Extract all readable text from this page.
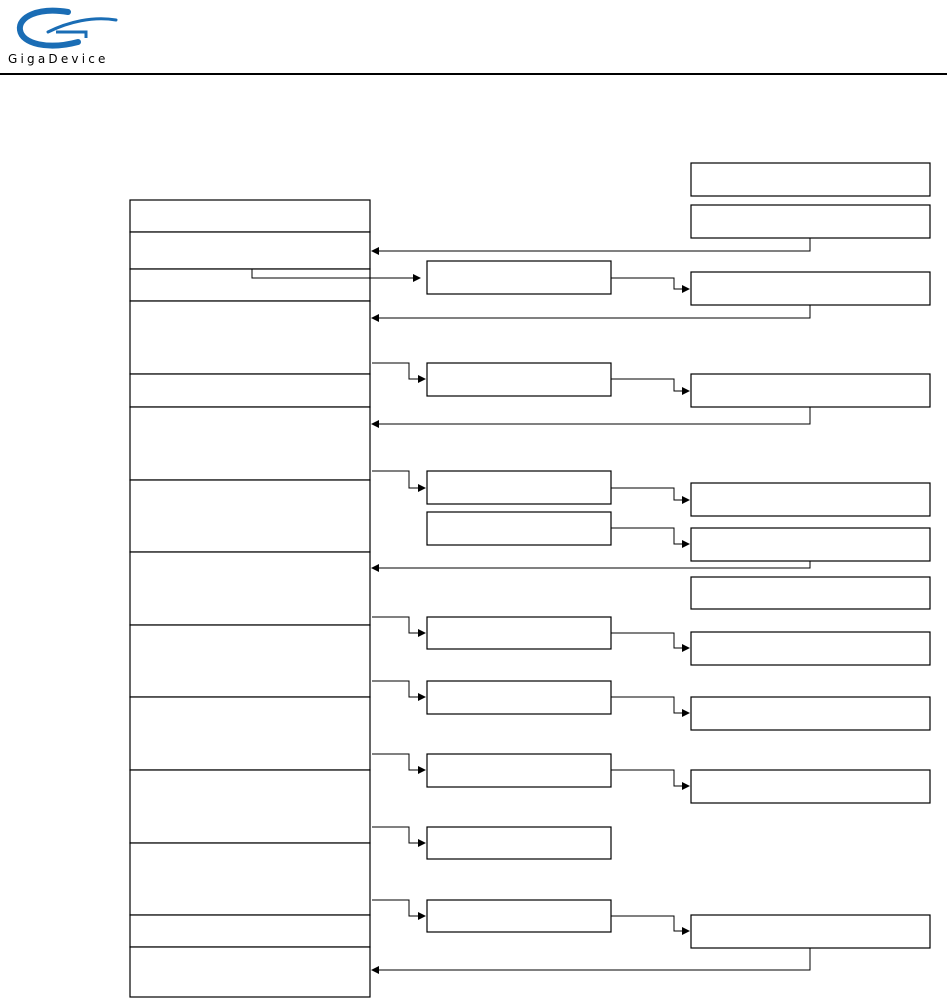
GigaDevice
